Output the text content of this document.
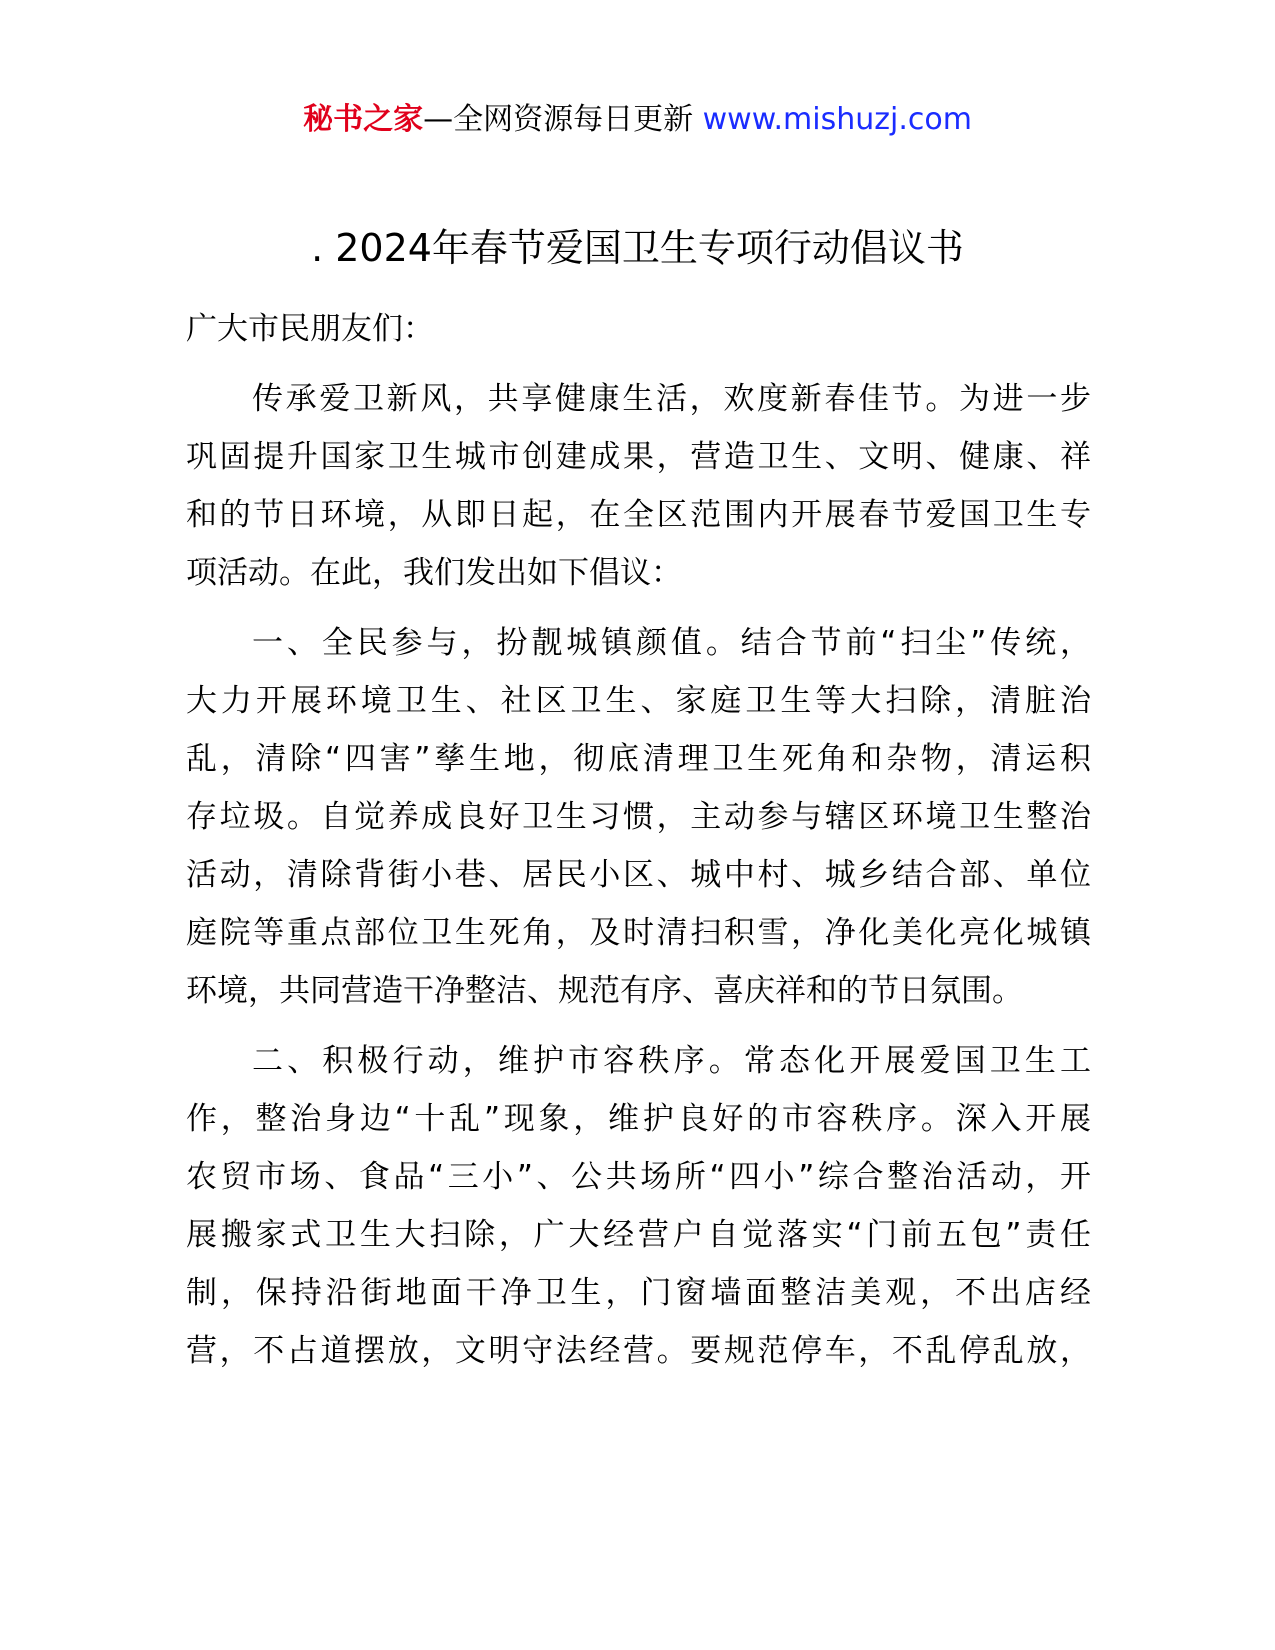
秘书之家—全网资源每日更新 www.mishuzj.com
. 2024年春节爱国卫生专项行动倡议书
广大市民朋友们：
传承爱卫新风，共享健康生活，欢度新春佳节。为进一步
巩固提升国家卫生城市创建成果，营造卫生、文明、健康、祥
和的节日环境，从即日起，在全区范围内开展春节爱国卫生专
项活动。在此，我们发出如下倡议：
一、全民参与，扮靓城镇颜值。结合节前“扫尘”传统，
大力开展环境卫生、社区卫生、家庭卫生等大扫除，清脏治
乱，清除“四害”孳生地，彻底清理卫生死角和杂物，清运积
存垃圾。自觉养成良好卫生习惯，主动参与辖区环境卫生整治
活动，清除背街小巷、居民小区、城中村、城乡结合部、单位
庭院等重点部位卫生死角，及时清扫积雪，净化美化亮化城镇
环境，共同营造干净整洁、规范有序、喜庆祥和的节日氛围。
二、积极行动，维护市容秩序。常态化开展爱国卫生工
作，整治身边“十乱”现象，维护良好的市容秩序。深入开展
农贸市场、食品“三小”、公共场所“四小”综合整治活动，开
展搬家式卫生大扫除，广大经营户自觉落实“门前五包”责任
制，保持沿街地面干净卫生，门窗墙面整洁美观，不出店经
营，不占道摆放，文明守法经营。要规范停车，不乱停乱放，
